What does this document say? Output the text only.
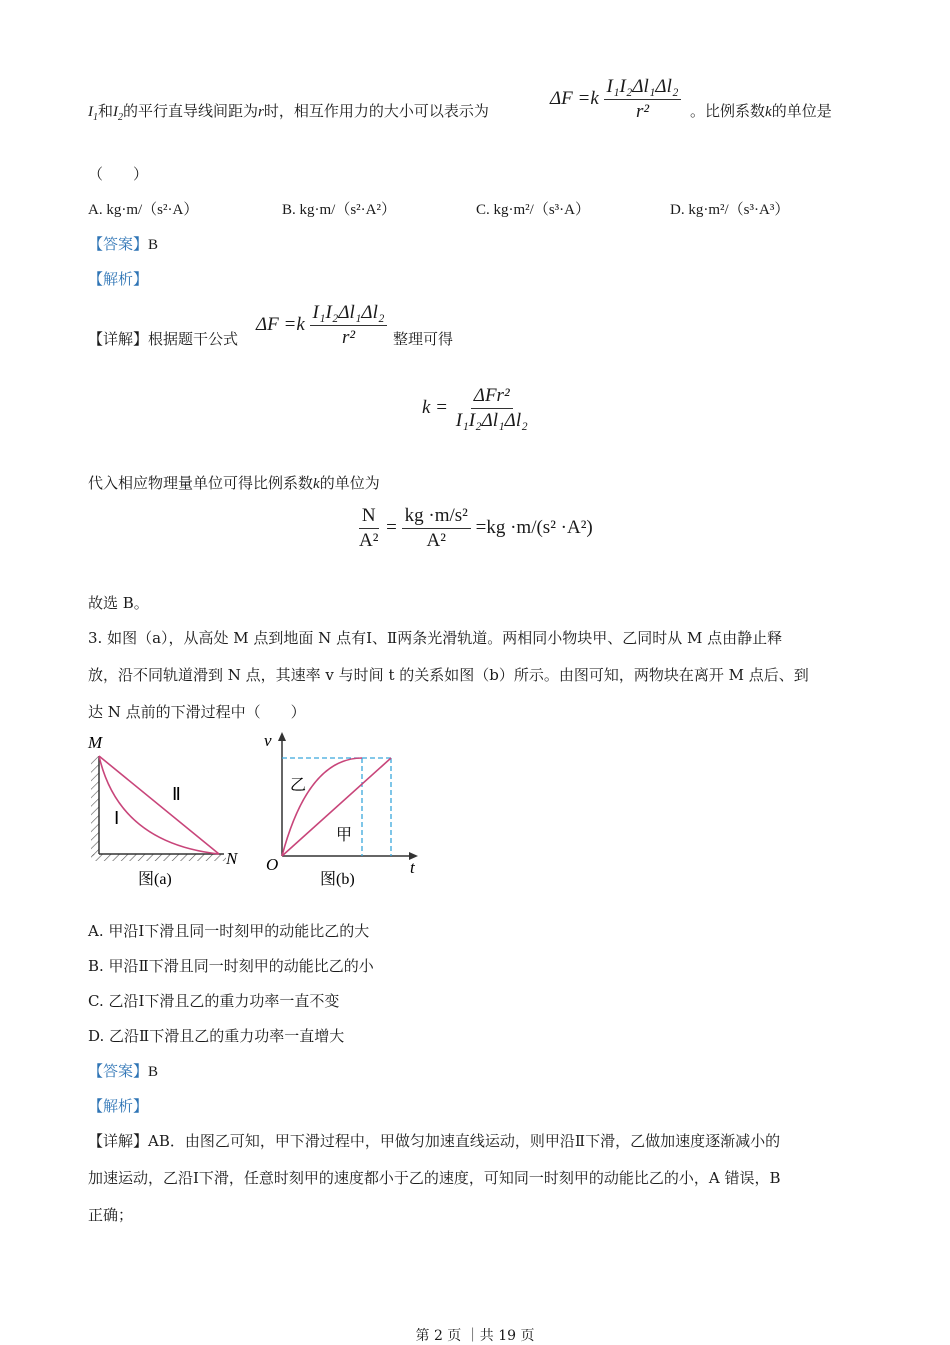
$I_1$和$I_2$的平行直导线间距为r时，相互作用力的大小可以表示为
$\Delta F =k \frac{\text{I₁I₂Δl₁Δl₂}}{\text{r²}}$ 。比例系数k的单位是
（　　）
A. kg·m/（s²·A）	B. kg·m/（s²·A²）	C. kg·m²/（s³·A）	D. kg·m²/（s³·A³）
【答案】B
【解析】
【详解】根据题干公式
$\Delta F =k \frac{\text{I₁I₂Δl₁Δl₂}}{\text{r²}}$ 整理可得
$k = \frac{\text{ΔFr²}}{\text{I₁I₂Δl₁Δl₂}}$
代入相应物理量单位可得比例系数k的单位为
$\frac{N}{\text{A²}} = \frac{\text{kg ·m/s²}}{\text{A²}} =kg \cdot m/(s^2 \cdot A^2)$
故选 B。
3. 如图（a），从高处 M 点到地面 N 点有Ⅰ、Ⅱ两条光滑轨道。两相同小物块甲、乙同时从 M 点由静止释
放，沿不同轨道滑到 N 点，其速率 v 与时间 t 的关系如图（b）所示。由图可知，两物块在离开 M 点后、到
达 N 点前的下滑过程中（　　）
M
N
Ⅰ
Ⅱ
图(a)
v
t
O
乙
甲
图(b)
A. 甲沿Ⅰ下滑且同一时刻甲的动能比乙的大
B. 甲沿Ⅱ下滑且同一时刻甲的动能比乙的小
C. 乙沿Ⅰ下滑且乙的重力功率一直不变
D. 乙沿Ⅱ下滑且乙的重力功率一直增大
【答案】B
【解析】
【详解】AB．由图乙可知，甲下滑过程中，甲做匀加速直线运动，则甲沿Ⅱ下滑，乙做加速度逐渐减小的
加速运动，乙沿Ⅰ下滑，任意时刻甲的速度都小于乙的速度，可知同一时刻甲的动能比乙的小，A 错误，B
正确；
第 2 页 ｜共 19 页
